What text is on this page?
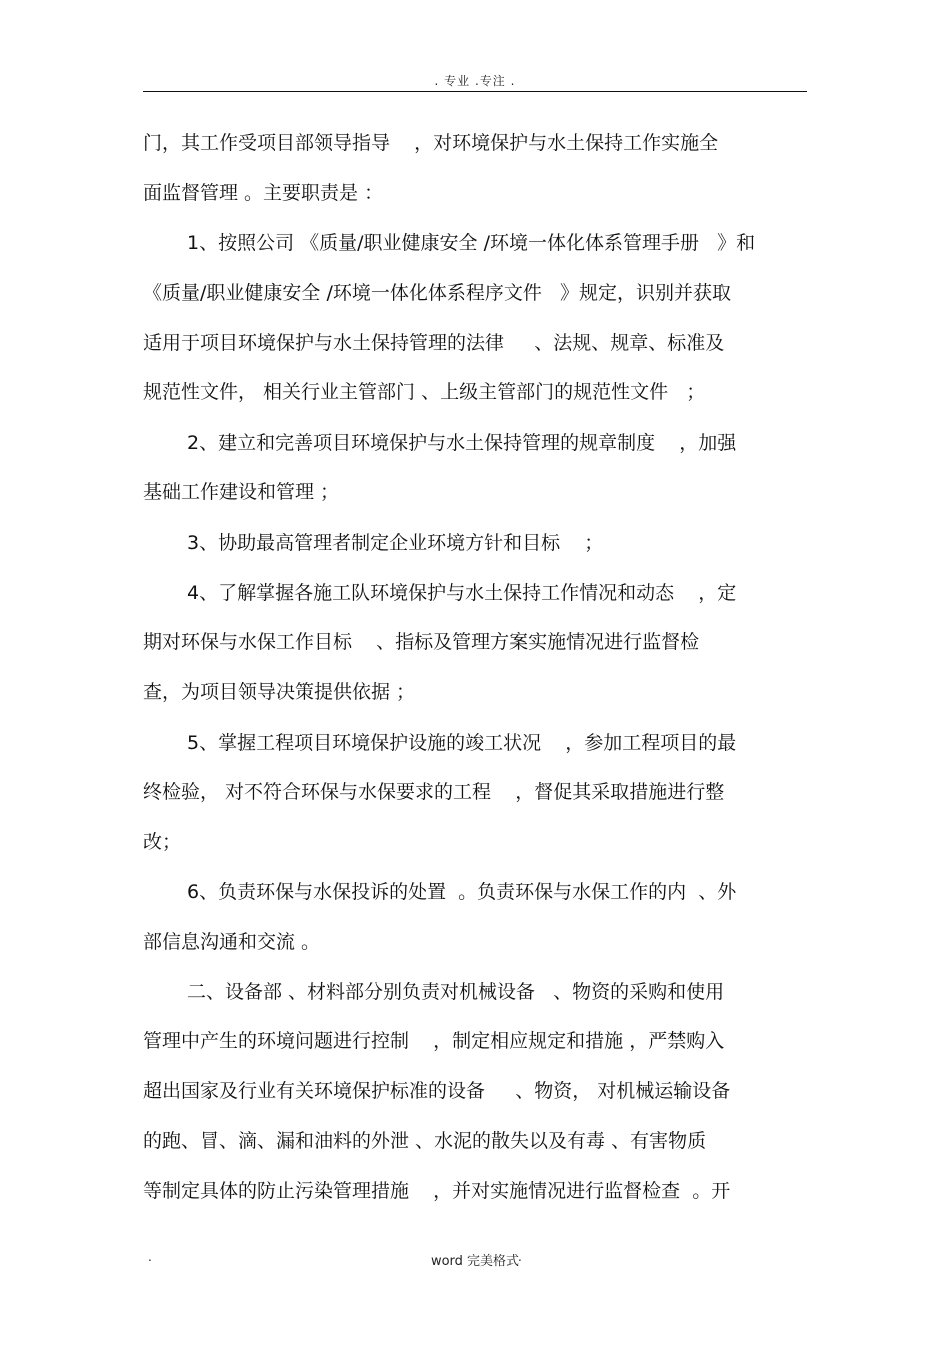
. 专业 .专注 .
门，其工作受项目部领导指导    ，对环境保护与水土保持工作实施全
面监督管理 。主要职责是 ：
1、按照公司 《质量/职业健康安全 /环境一体化体系管理手册   》和
《质量/职业健康安全 /环境一体化体系程序文件   》规定，识别并获取
适用于项目环境保护与水土保持管理的法律     、法规、规章、标准及
规范性文件， 相关行业主管部门 、上级主管部门的规范性文件   ；
2、建立和完善项目环境保护与水土保持管理的规章制度    ，加强
基础工作建设和管理 ；
3、协助最高管理者制定企业环境方针和目标    ；
4、了解掌握各施工队环境保护与水土保持工作情况和动态    ，定
期对环保与水保工作目标    、指标及管理方案实施情况进行监督检
查，为项目领导决策提供依据 ；
5、掌握工程项目环境保护设施的竣工状况    ，参加工程项目的最
终检验， 对不符合环保与水保要求的工程    ，督促其采取措施进行整
改；
6、负责环保与水保投诉的处置  。负责环保与水保工作的内  、外
部信息沟通和交流 。
二、设备部 、材料部分别负责对机械设备   、物资的采购和使用
管理中产生的环境问题进行控制    ，制定相应规定和措施 ，严禁购入
超出国家及行业有关环境保护标准的设备     、物资， 对机械运输设备
的跑、冒、滴、漏和油料的外泄 、水泥的散失以及有毒 、有害物质
等制定具体的防止污染管理措施    ，并对实施情况进行监督检查  。开
.	word 完美格式
.
